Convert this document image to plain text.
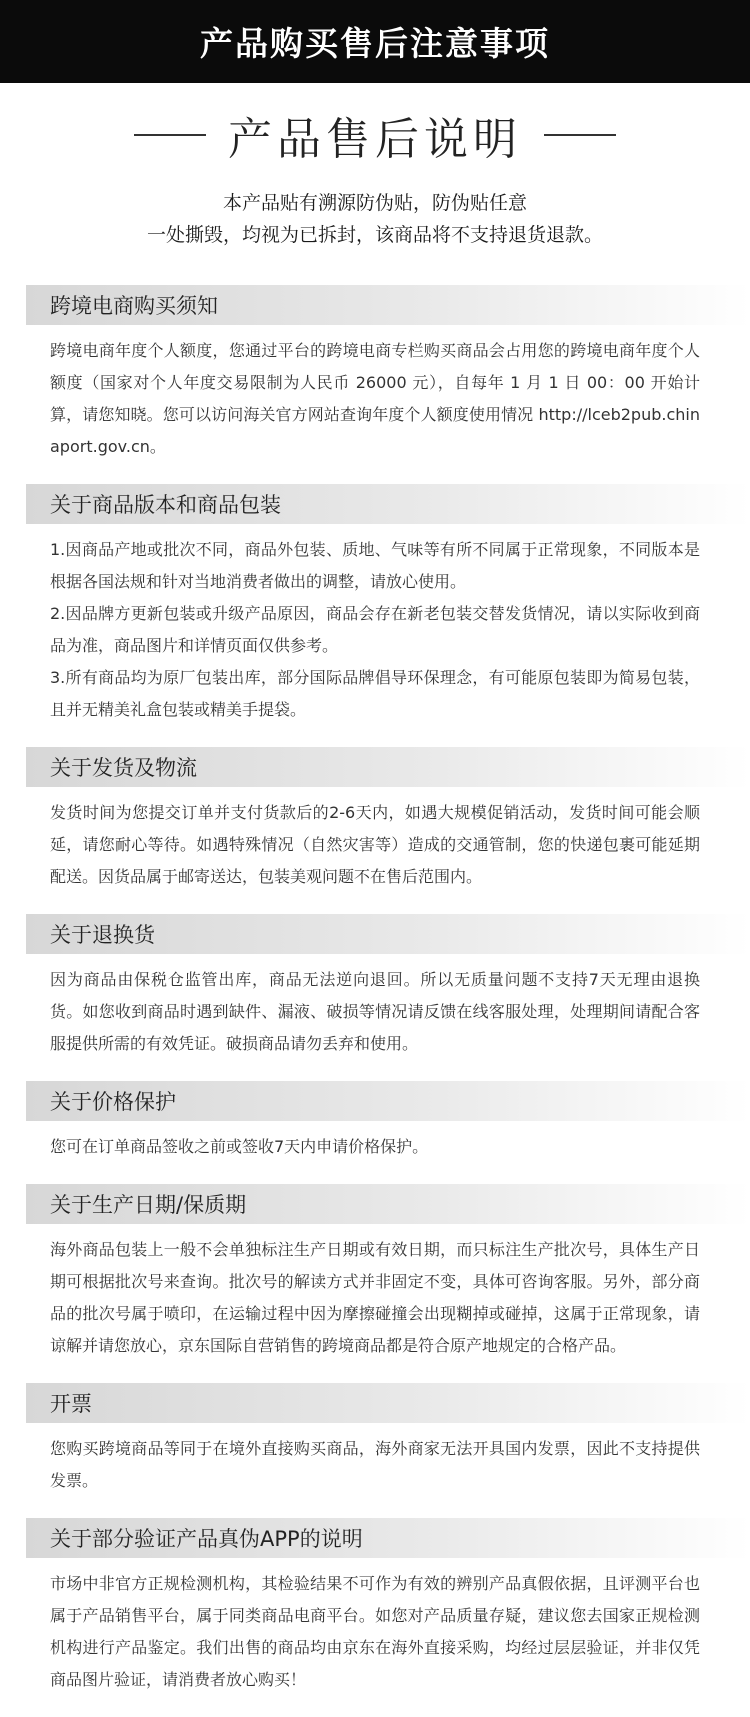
产品购买售后注意事项
产品售后说明
本产品贴有溯源防伪贴，防伪贴任意
一处撕毁，均视为已拆封，该商品将不支持退货退款。
跨境电商购买须知

跨境电商年度个人额度，您通过平台的跨境电商专栏购买商品会占用您的跨境电商年度个人额度（国家对个人年度交易限制为人民币 26000 元），自每年 1 月 1 日 00：00 开始计算，请您知晓。您可以访问海关官方网站查询年度个人额度使用情况 http://lceb2pub.chinaport.gov.cn。

关于商品版本和商品包装

1.因商品产地或批次不同，商品外包装、质地、气味等有所不同属于正常现象，不同版本是根据各国法规和针对当地消费者做出的调整，请放心使用。

2.因品牌方更新包装或升级产品原因，商品会存在新老包装交替发货情况，请以实际收到商品为准，商品图片和详情页面仅供参考。

3.所有商品均为原厂包装出库，部分国际品牌倡导环保理念，有可能原包装即为简易包装，且并无精美礼盒包装或精美手提袋。

关于发货及物流

发货时间为您提交订单并支付货款后的2-6天内，如遇大规模促销活动，发货时间可能会顺延，请您耐心等待。如遇特殊情况（自然灾害等）造成的交通管制，您的快递包裹可能延期配送。因货品属于邮寄送达，包装美观问题不在售后范围内。

关于退换货

因为商品由保税仓监管出库，商品无法逆向退回。所以无质量问题不支持7天无理由退换货。如您收到商品时遇到缺件、漏液、破损等情况请反馈在线客服处理，处理期间请配合客服提供所需的有效凭证。破损商品请勿丢弃和使用。

关于价格保护

您可在订单商品签收之前或签收7天内申请价格保护。

关于生产日期/保质期

海外商品包装上一般不会单独标注生产日期或有效日期，而只标注生产批次号，具体生产日期可根据批次号来查询。批次号的解读方式并非固定不变，具体可咨询客服。另外，部分商品的批次号属于喷印，在运输过程中因为摩擦碰撞会出现糊掉或碰掉，这属于正常现象，请谅解并请您放心，京东国际自营销售的跨境商品都是符合原产地规定的合格产品。

开票

您购买跨境商品等同于在境外直接购买商品，海外商家无法开具国内发票，因此不支持提供发票。

关于部分验证产品真伪APP的说明

市场中非官方正规检测机构，其检验结果不可作为有效的辨别产品真假依据，且评测平台也属于产品销售平台，属于同类商品电商平台。如您对产品质量存疑，建议您去国家正规检测机构进行产品鉴定。我们出售的商品均由京东在海外直接采购，均经过层层验证，并非仅凭商品图片验证，请消费者放心购买！
